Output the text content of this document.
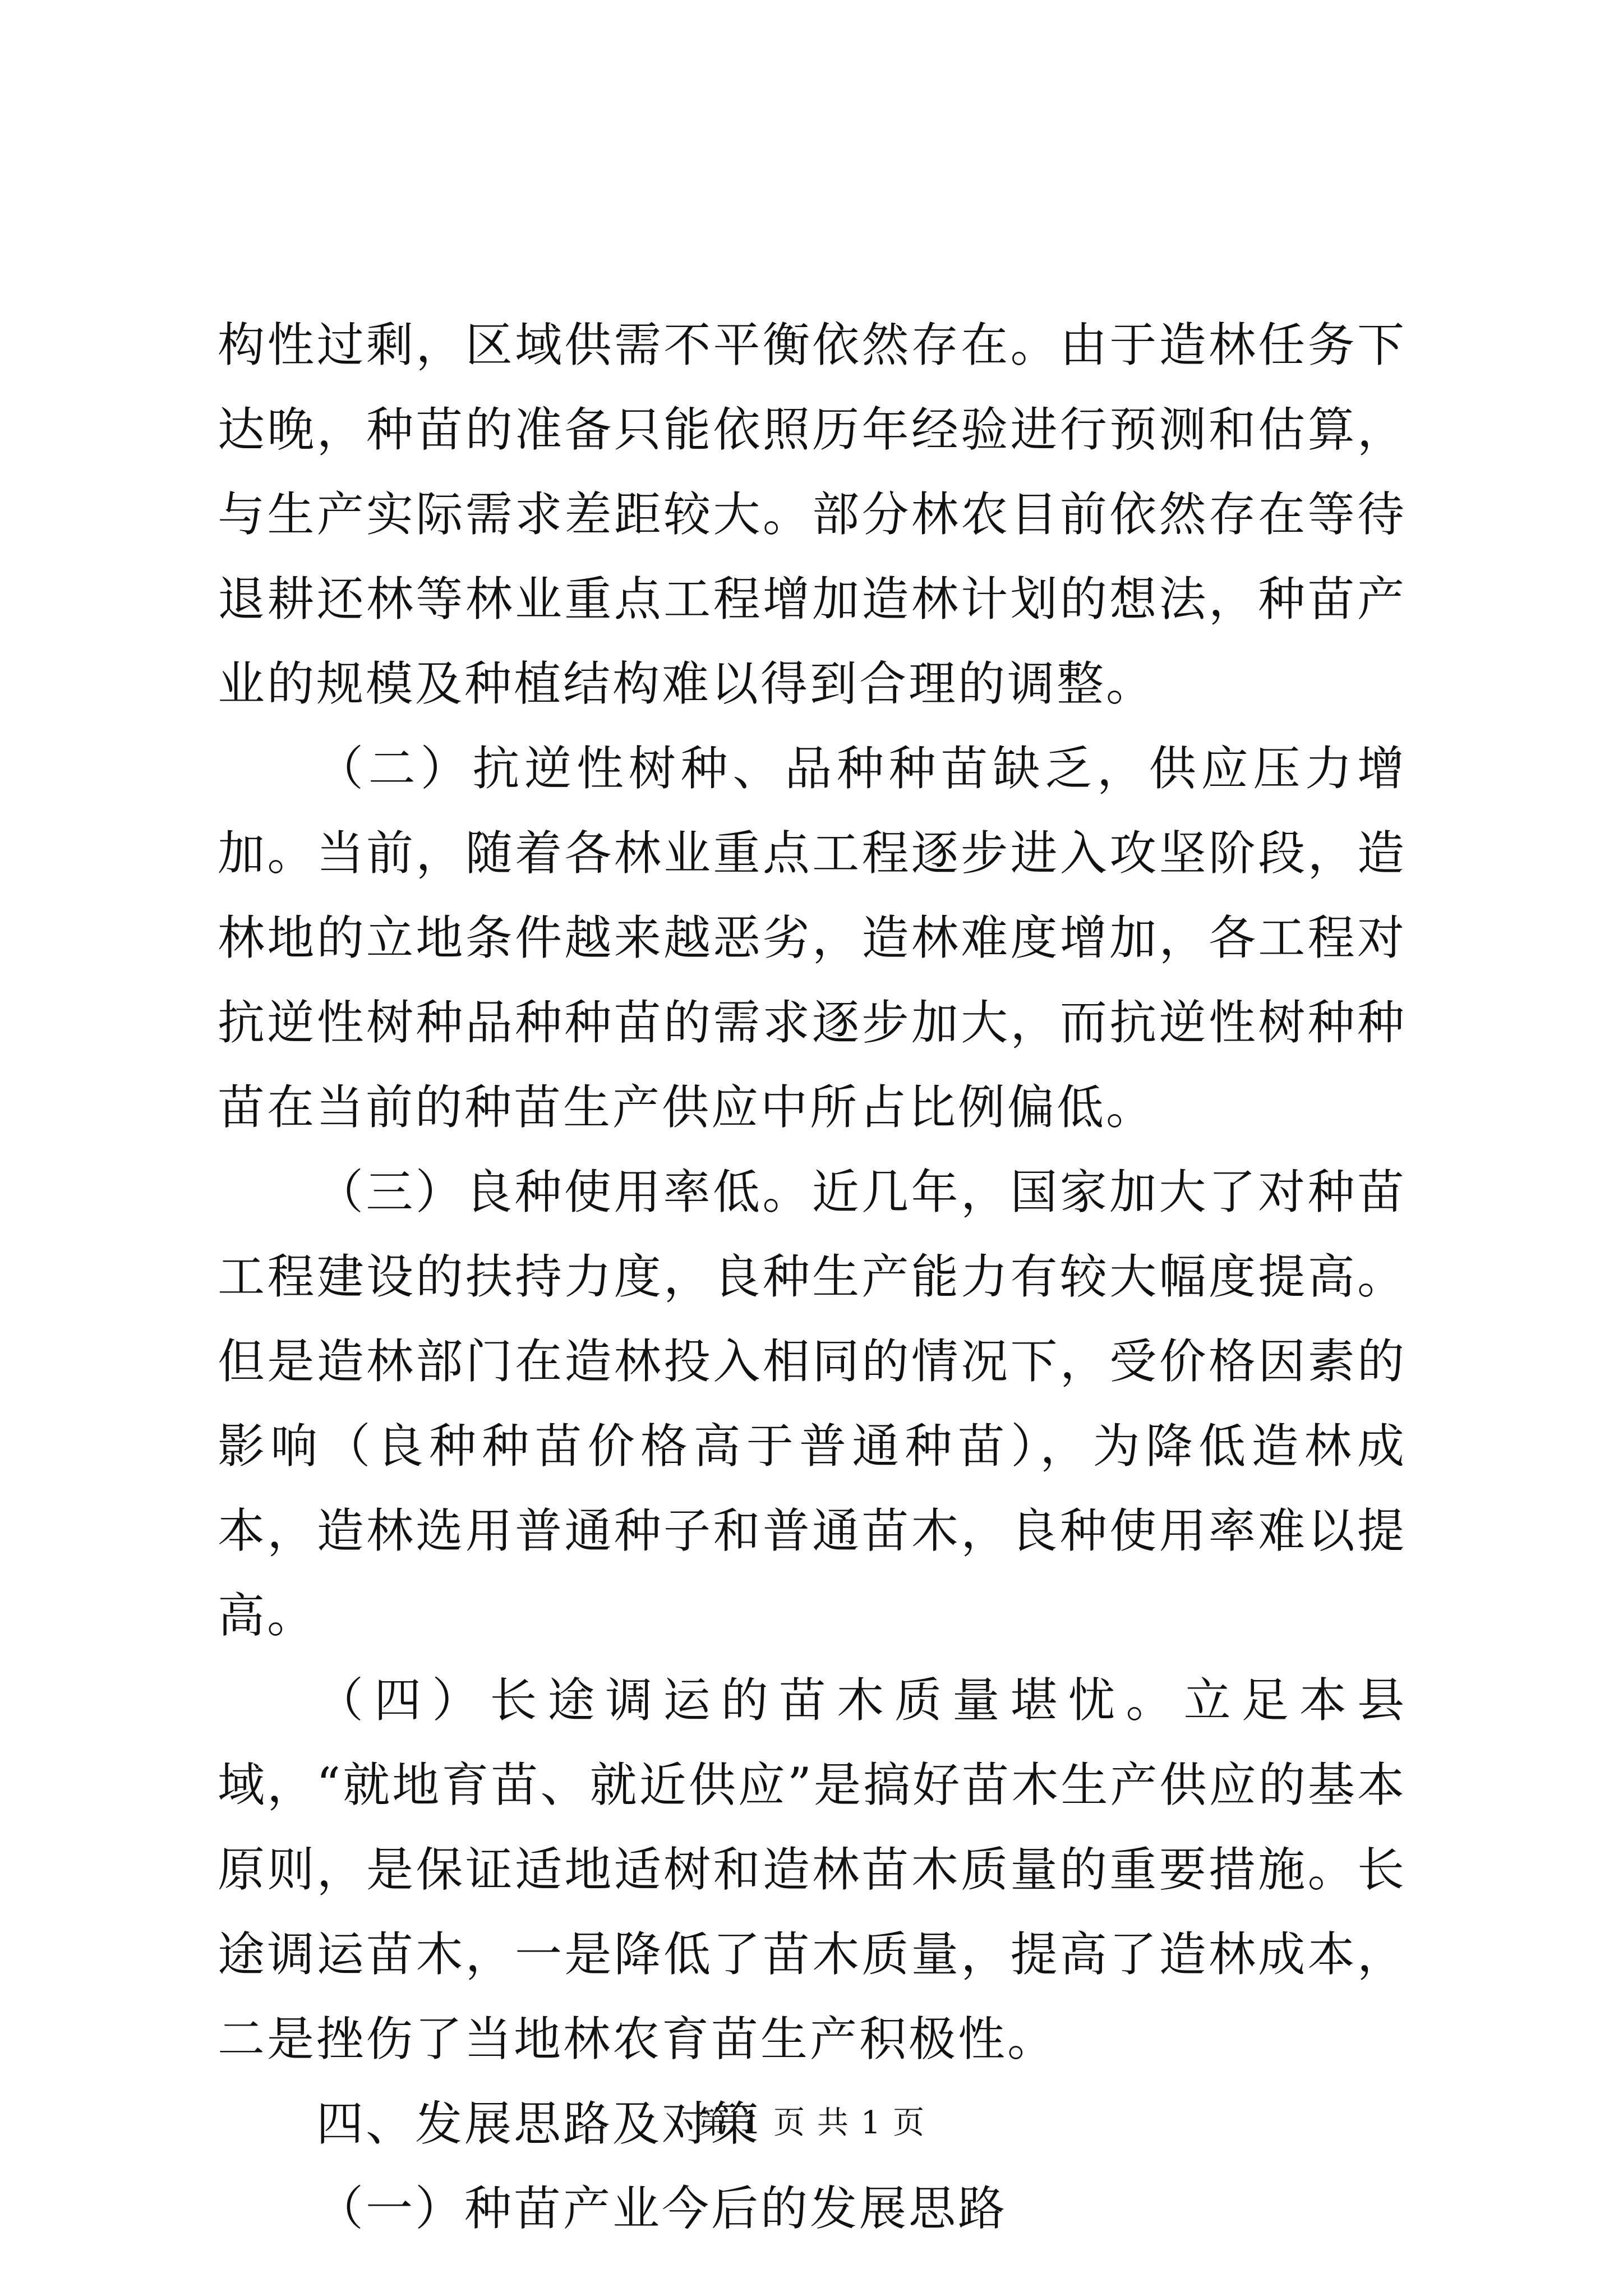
构性过剩，区域供需不平衡依然存在。由于造林任务下达晚，种苗的准备只能依照历年经验进行预测和估算，与生产实际需求差距较大。部分林农目前依然存在等待退耕还林等林业重点工程增加造林计划的想法，种苗产业的规模及种植结构难以得到合理的调整。

（二）抗逆性树种、品种种苗缺乏，供应压力增加。当前，随着各林业重点工程逐步进入攻坚阶段，造林地的立地条件越来越恶劣，造林难度增加，各工程对抗逆性树种品种种苗的需求逐步加大，而抗逆性树种种苗在当前的种苗生产供应中所占比例偏低。

（三）良种使用率低。近几年，国家加大了对种苗工程建设的扶持力度，良种生产能力有较大幅度提高。但是造林部门在造林投入相同的情况下，受价格因素的影响（良种种苗价格高于普通种苗），为降低造林成本，造林选用普通种子和普通苗木，良种使用率难以提高。

（四）长途调运的苗木质量堪忧。立足本县域，“就地育苗、就近供应”是搞好苗木生产供应的基本原则，是保证适地适树和造林苗木质量的重要措施。长途调运苗木，一是降低了苗木质量，提高了造林成本，二是挫伤了当地林农育苗生产积极性。

四、发展思路及对策

（一）种苗产业今后的发展思路

第 1 页 共 1 页
